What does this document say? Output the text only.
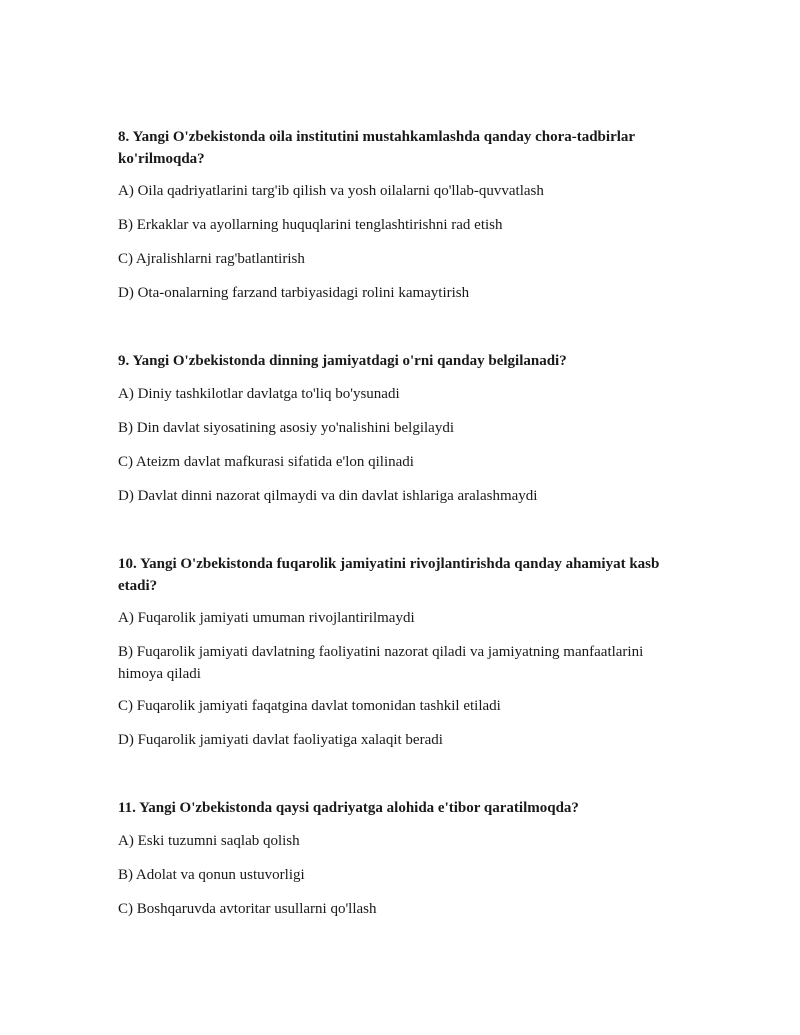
8. Yangi O'zbekistonda oila institutini mustahkamlashda qanday chora-tadbirlar ko'rilmoqda?

A) Oila qadriyatlarini targ'ib qilish va yosh oilalarni qo'llab-quvvatlash

B) Erkaklar va ayollarning huquqlarini tenglashtirishni rad etish

C) Ajralishlarni rag'batlantirish

D) Ota-onalarning farzand tarbiyasidagi rolini kamaytirish

9. Yangi O'zbekistonda dinning jamiyatdagi o'rni qanday belgilanadi?

A) Diniy tashkilotlar davlatga to'liq bo'ysunadi

B) Din davlat siyosatining asosiy yo'nalishini belgilaydi

C) Ateizm davlat mafkurasi sifatida e'lon qilinadi

D) Davlat dinni nazorat qilmaydi va din davlat ishlariga aralashmaydi

10. Yangi O'zbekistonda fuqarolik jamiyatini rivojlantirishda qanday ahamiyat kasb etadi?

A) Fuqarolik jamiyati umuman rivojlantirilmaydi

B) Fuqarolik jamiyati davlatning faoliyatini nazorat qiladi va jamiyatning manfaatlarini himoya qiladi

C) Fuqarolik jamiyati faqatgina davlat tomonidan tashkil etiladi

D) Fuqarolik jamiyati davlat faoliyatiga xalaqit beradi

11. Yangi O'zbekistonda qaysi qadriyatga alohida e'tibor qaratilmoqda?

A) Eski tuzumni saqlab qolish

B) Adolat va qonun ustuvorligi

C) Boshqaruvda avtoritar usullarni qo'llash
